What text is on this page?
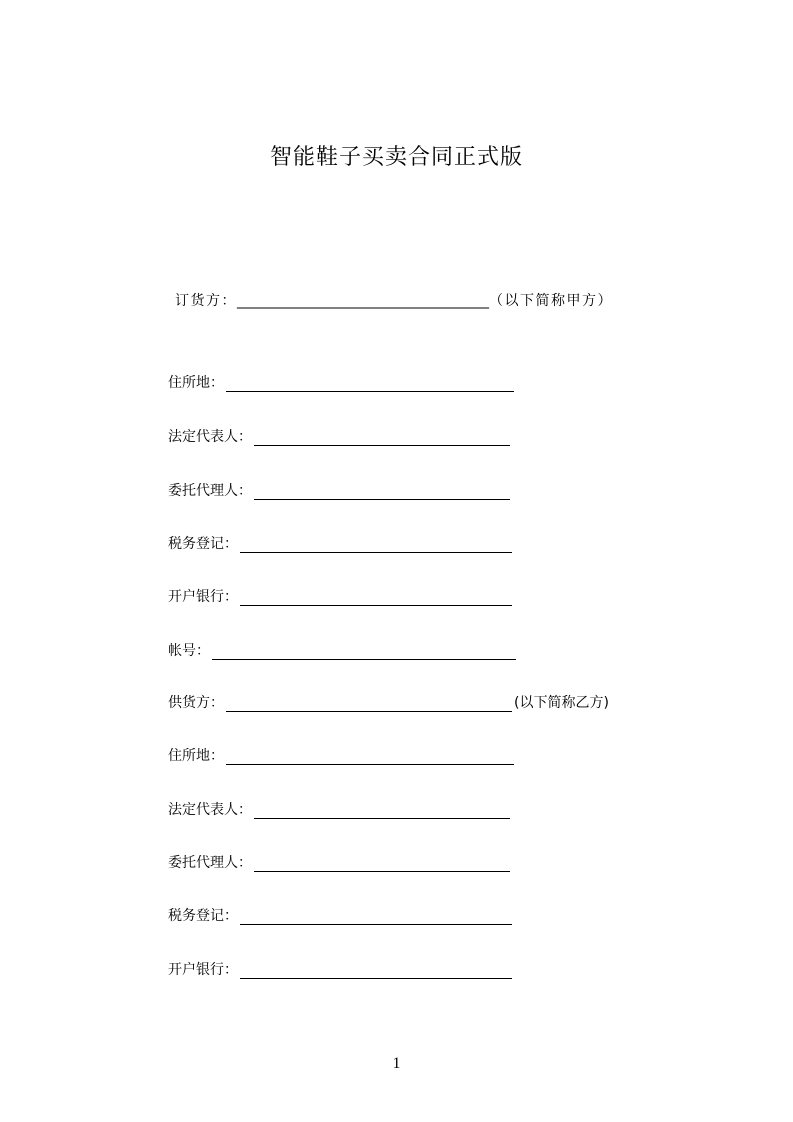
智能鞋子买卖合同正式版
订货方：____________________________________（以下简称甲方）
住所地：
法定代表人：
委托代理人：
税务登记：
开户银行：
帐号：
供货方：	(以下简称乙方)
住所地：
法定代表人：
委托代理人：
税务登记：
开户银行：
1
